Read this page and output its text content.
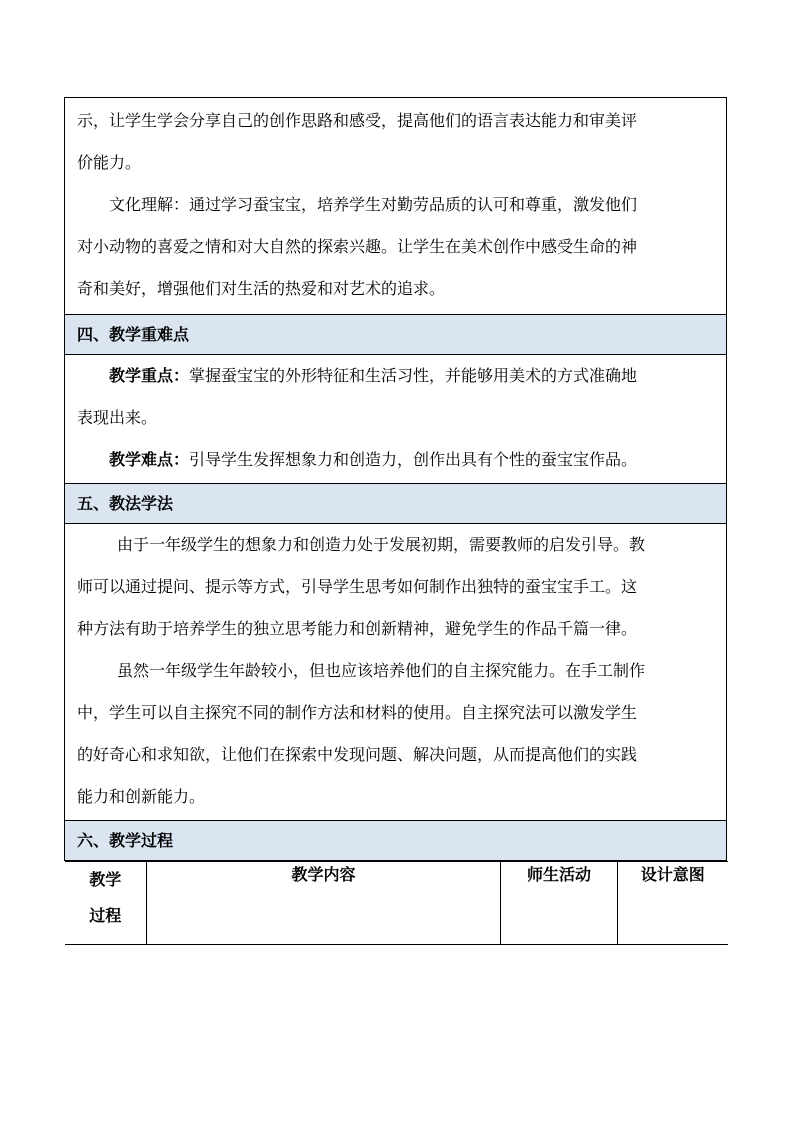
示，让学生学会分享自己的创作思路和感受，提高他们的语言表达能力和审美评

价能力。

文化理解：通过学习蚕宝宝，培养学生对勤劳品质的认可和尊重，激发他们

对小动物的喜爱之情和对大自然的探索兴趣。让学生在美术创作中感受生命的神

奇和美好，增强他们对生活的热爱和对艺术的追求。

四、教学重难点

教学重点：掌握蚕宝宝的外形特征和生活习性，并能够用美术的方式准确地

表现出来。

教学难点：引导学生发挥想象力和创造力，创作出具有个性的蚕宝宝作品。

五、教法学法

由于一年级学生的想象力和创造力处于发展初期，需要教师的启发引导。教

师可以通过提问、提示等方式，引导学生思考如何制作出独特的蚕宝宝手工。这

种方法有助于培养学生的独立思考能力和创新精神，避免学生的作品千篇一律。

虽然一年级学生年龄较小，但也应该培养他们的自主探究能力。在手工制作

中，学生可以自主探究不同的制作方法和材料的使用。自主探究法可以激发学生

的好奇心和求知欲，让他们在探索中发现问题、解决问题，从而提高他们的实践

能力和创新能力。

六、教学过程

教学
过程
	教学内容	师生活动	设计意图
